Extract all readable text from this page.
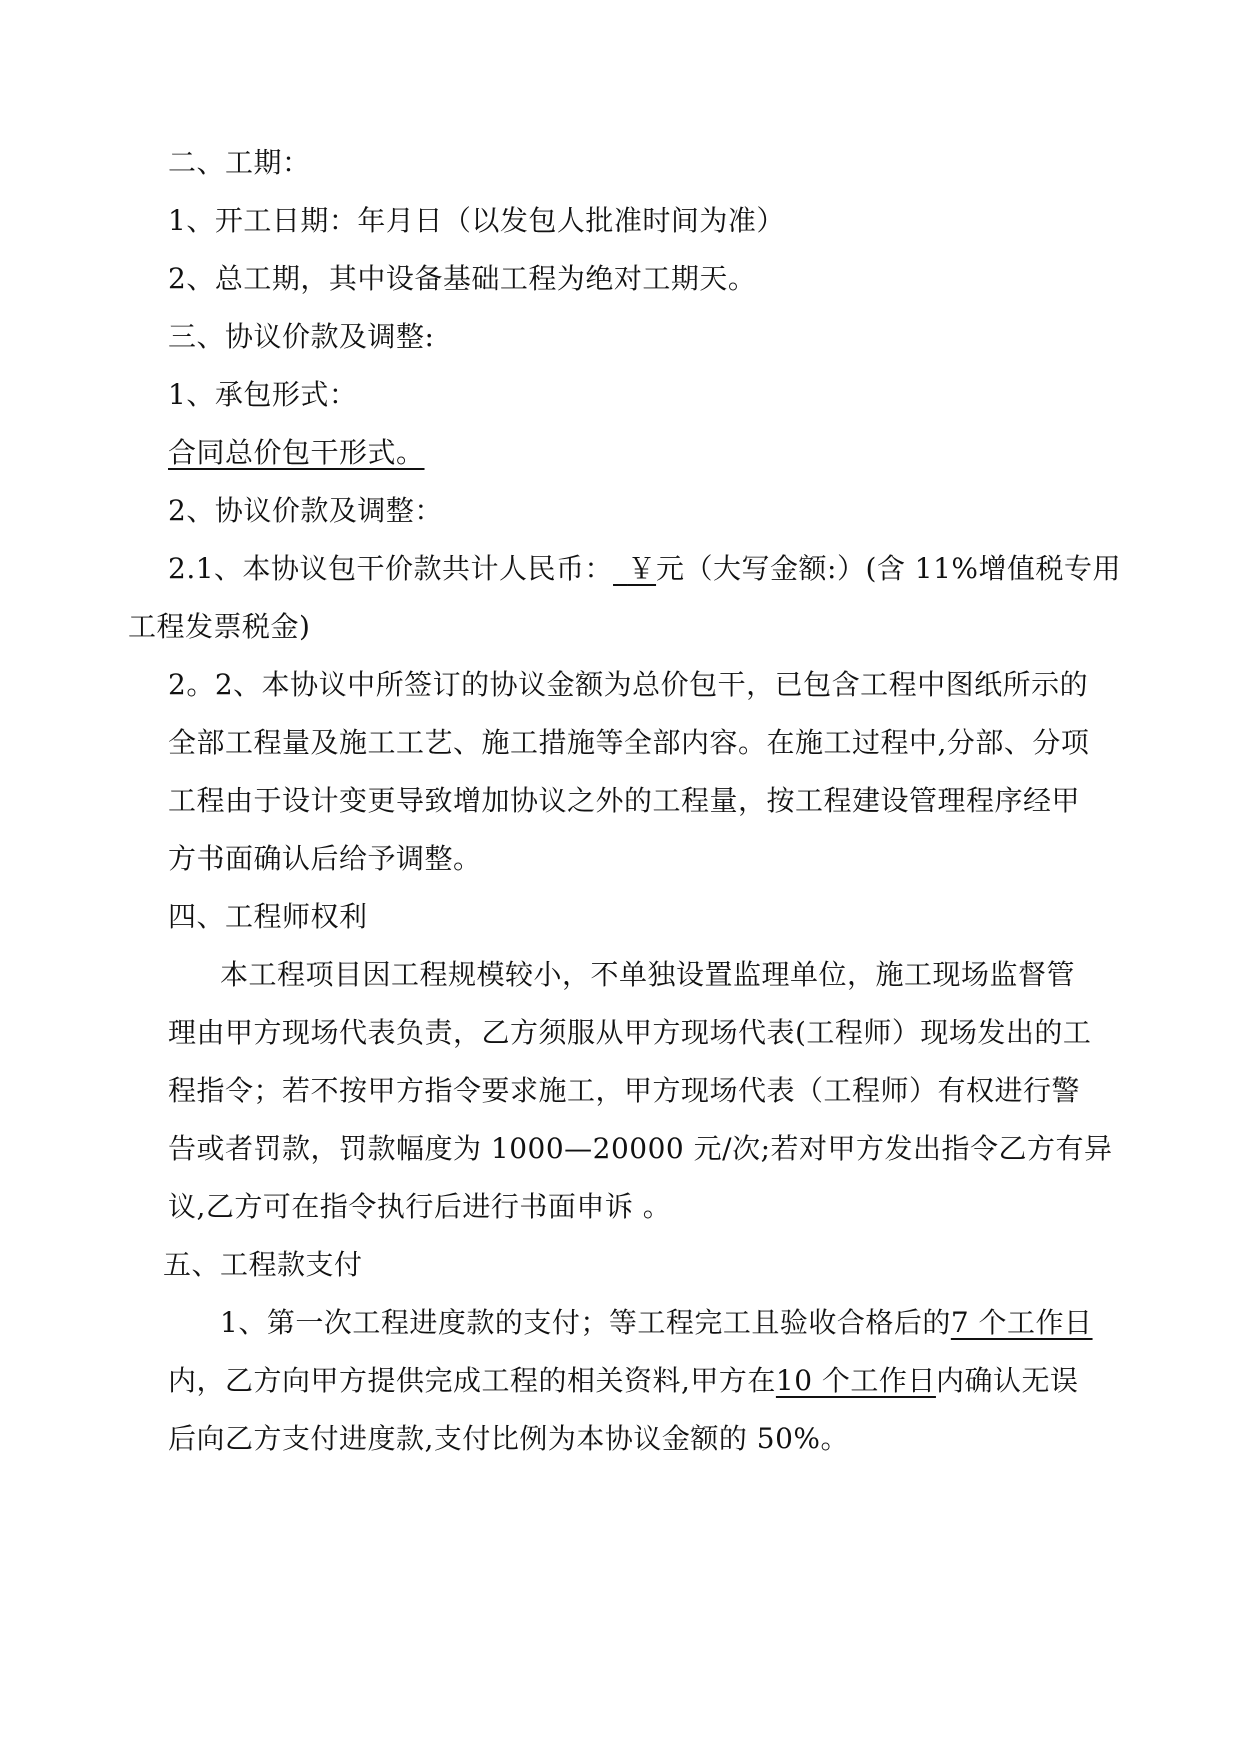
二、工期：
1、开工日期：年月日（以发包人批准时间为准）
2、总工期，其中设备基础工程为绝对工期天。
三、协议价款及调整:
1、承包形式：
合同总价包干形式。
2、协议价款及调整：
2.1、本协议包干价款共计人民币：  ￥元（大写金额:）(含 11%增值税专用
工程发票税金)
2。2、本协议中所签订的协议金额为总价包干，已包含工程中图纸所示的
全部工程量及施工工艺、施工措施等全部内容。在施工过程中,分部、分项
工程由于设计变更导致增加协议之外的工程量，按工程建设管理程序经甲
方书面确认后给予调整。
四、工程师权利
本工程项目因工程规模较小，不单独设置监理单位，施工现场监督管
理由甲方现场代表负责，乙方须服从甲方现场代表(工程师）现场发出的工
程指令；若不按甲方指令要求施工，甲方现场代表（工程师）有权进行警
告或者罚款，罚款幅度为 1000—20000 元/次;若对甲方发出指令乙方有异
议,乙方可在指令执行后进行书面申诉 。
五、工程款支付
1、第一次工程进度款的支付；等工程完工且验收合格后的7 个工作日
内，乙方向甲方提供完成工程的相关资料,甲方在10 个工作日内确认无误
后向乙方支付进度款,支付比例为本协议金额的 50%。
